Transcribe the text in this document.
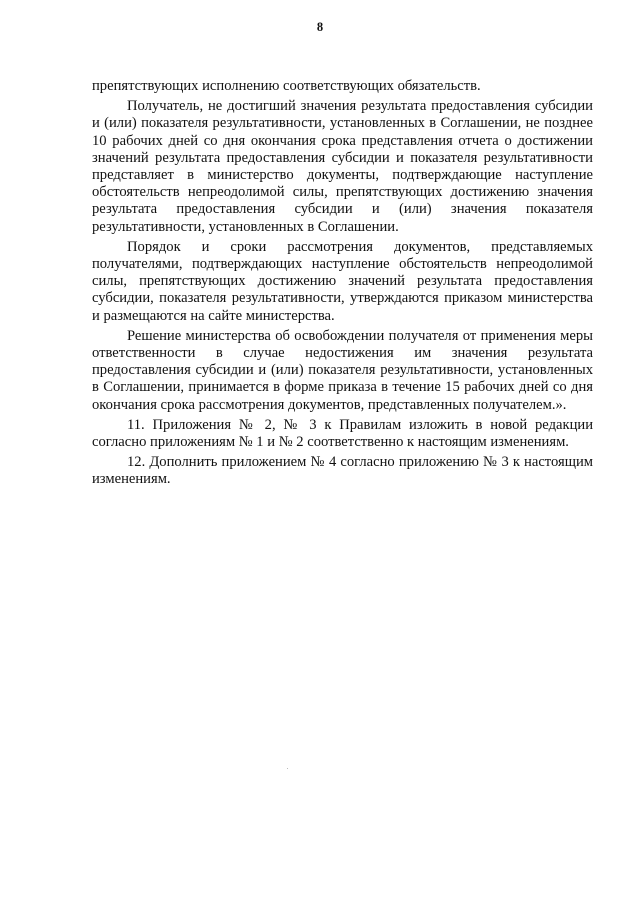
8

препятствующих исполнению соответствующих обязательств.

Получатель, не достигший значения результата предоставления субсидии и (или) показателя результативности, установленных в Соглашении, не позднее 10 рабочих дней со дня окончания срока представления отчета о достижении значений результата предоставления субсидии и показателя результативности представляет в министерство документы, подтверждающие наступление обстоятельств непреодолимой силы, препятствующих достижению значения результата предоставления субсидии и (или) значения показателя результативности, установленных в Соглашении.

Порядок и сроки рассмотрения документов, представляемых получателями, подтверждающих наступление обстоятельств непреодолимой силы, препятствующих достижению значений результата предоставления субсидии, показателя результативности, утверждаются приказом министерства и размещаются на сайте министерства.

Решение министерства об освобождении получателя от применения меры ответственности в случае недостижения им значения результата предоставления субсидии и (или) показателя результативности, установленных в Соглашении, принимается в форме приказа в течение 15 рабочих дней со дня окончания срока рассмотрения документов, представленных получателем.».

11. Приложения № 2, № 3 к Правилам изложить в новой редакции согласно приложениям № 1 и № 2 соответственно к настоящим изменениям.

12. Дополнить приложением № 4 согласно приложению № 3 к настоящим изменениям.
